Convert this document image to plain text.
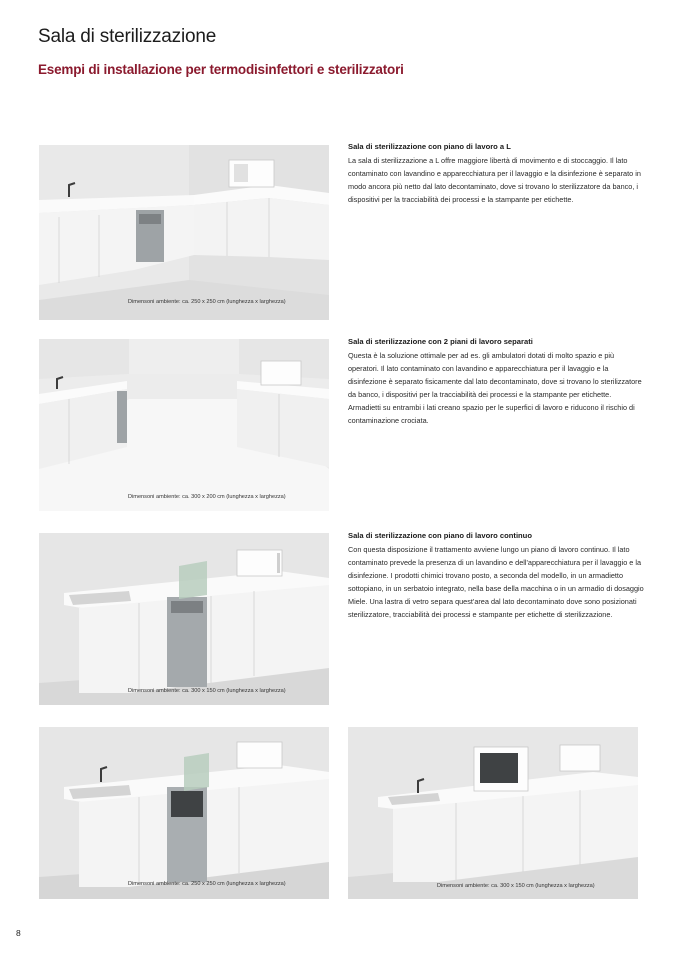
Sala di sterilizzazione
Esempi di installazione per termodisinfettori e sterilizzatori
Dimensoni ambiente: ca. 250 x 250 cm (lunghezza x larghezza)
Sala di sterilizzazione con piano di lavoro a L

La sala di sterilizzazione a L offre maggiore libertà di movimento e di stoccaggio. Il lato contaminato con lavandino e apparecchiatura per il lavaggio e la disinfezione è separato in modo ancora più netto dal lato decontaminato, dove si trovano lo sterilizzatore da banco, i dispositivi per la tracciabilità dei processi e la stampante per etichette.

Dimensoni ambiente: ca. 300 x 200 cm (lunghezza x larghezza)
Sala di sterilizzazione con 2 piani di lavoro separati

Questa è la soluzione ottimale per ad es. gli ambulatori dotati di molto spazio e più operatori. Il lato contaminato con lavandino e apparecchiatura per il lavaggio e la disinfezione è separato fisicamente dal lato decontaminato, dove si trovano lo sterilizzatore da banco, i dispositivi per la tracciabilità dei processi e la stampante per etichette. Armadietti su entrambi i lati creano spazio per le superfici di lavoro e riducono il rischio di contaminazione crociata.

Dimensoni ambiente: ca. 300 x 150 cm (lunghezza x larghezza)
Sala di sterilizzazione con piano di lavoro continuo

Con questa disposizione il trattamento avviene lungo un piano di lavoro continuo. Il lato contaminato prevede la presenza di un lavandino e dell'apparecchiatura per il lavaggio e la disinfezione. I prodotti chimici trovano posto, a seconda del modello, in un armadietto sottopiano, in un serbatoio integrato, nella base della macchina o in un armadio di dosaggio Miele. Una lastra di vetro separa quest'area dal lato decontaminato dove sono posizionati sterilizzatore, tracciabilità dei processi e stampante per etichette di sterilizzazione.

Dimensoni ambiente: ca. 250 x 250 cm (lunghezza x larghezza)	Dimensoni ambiente: ca. 300 x 150 cm (lunghezza x larghezza)
8
